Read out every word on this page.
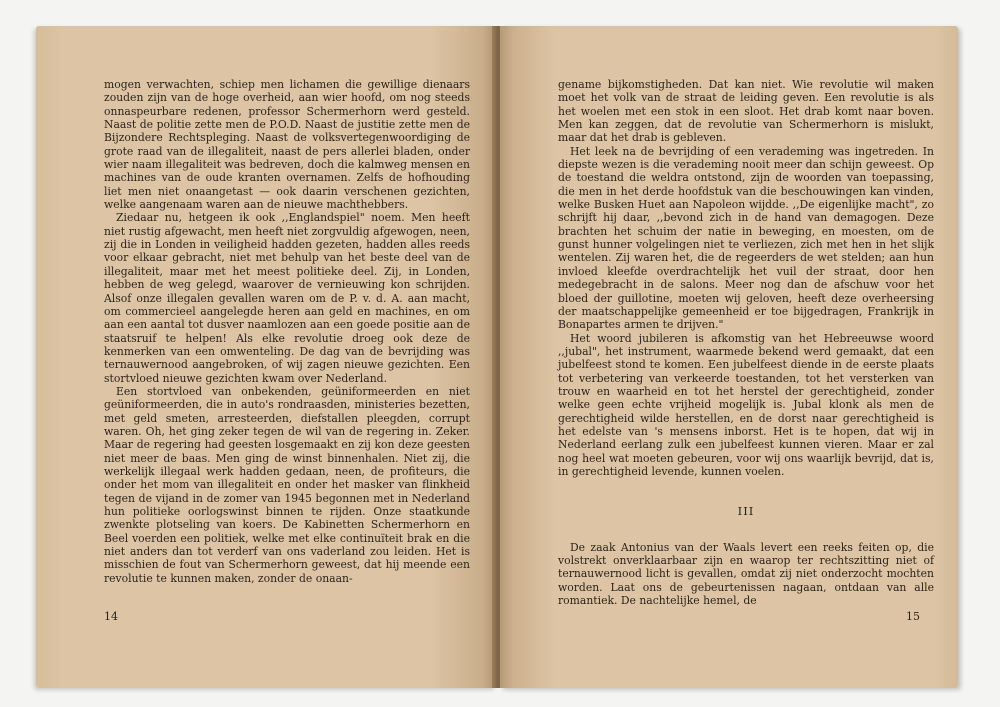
mogen verwachten, schiep men lichamen die gewillige dienaars zouden zijn van de hoge overheid, aan wier hoofd, om nog steeds onnaspeurbare redenen, professor Schermerhorn werd gesteld. Naast de politie zette men de P.O.D. Naast de justitie zette men de Bijzondere Rechtspleging. Naast de volksvertegenwoordiging de grote raad van de illegaliteit, naast de pers allerlei bladen, onder wier naam illegaliteit was bedreven, doch die kalmweg mensen en machines van de oude kranten overnamen. Zelfs de hofhouding liet men niet onaangetast — ook daarin verschenen gezichten, welke aangenaam waren aan de nieuwe machthebbers.

Ziedaar nu, hetgeen ik ook ,,Englandspiel" noem. Men heeft niet rustig afgewacht, men heeft niet zorgvuldig afgewogen, neen, zij die in Londen in veiligheid hadden gezeten, hadden alles reeds voor elkaar gebracht, niet met behulp van het beste deel van de illegaliteit, maar met het meest politieke deel. Zij, in Londen, hebben de weg gelegd, waarover de vernieuwing kon schrijden. Alsof onze illegalen gevallen waren om de P. v. d. A. aan macht, om commercieel aangelegde heren aan geld en machines, en om aan een aantal tot dusver naamlozen aan een goede positie aan de staatsruif te helpen! Als elke revolutie droeg ook deze de kenmerken van een omwenteling. De dag van de bevrijding was ternauwernood aangebroken, of wij zagen nieuwe gezichten. Een stortvloed nieuwe gezichten kwam over Nederland.

Een stortvloed van onbekenden, geüniformeerden en niet geüniformeerden, die in auto's rondraasden, ministeries bezetten, met geld smeten, arresteerden, diefstallen pleegden, corrupt waren. Oh, het ging zeker tegen de wil van de regering in. Zeker. Maar de regering had geesten losgemaakt en zij kon deze geesten niet meer de baas. Men ging de winst binnenhalen. Niet zij, die werkelijk illegaal werk hadden gedaan, neen, de profiteurs, die onder het mom van illegaliteit en onder het masker van flinkheid tegen de vijand in de zomer van 1945 begonnen met in Nederland hun politieke oorlogswinst binnen te rijden. Onze staatkunde zwenkte plotseling van koers. De Kabinetten Schermerhorn en Beel voerden een politiek, welke met elke continuïteit brak en die niet anders dan tot verderf van ons vaderland zou leiden. Het is misschien de fout van Schermerhorn geweest, dat hij meende een revolutie te kunnen maken, zonder de onaan-

14

gename bijkomstigheden. Dat kan niet. Wie revolutie wil maken moet het volk van de straat de leiding geven. Een revolutie is als het woelen met een stok in een sloot. Het drab komt naar boven. Men kan zeggen, dat de revolutie van Schermerhorn is mislukt, maar dat het drab is gebleven.

Het leek na de bevrijding of een verademing was ingetreden. In diepste wezen is die verademing nooit meer dan schijn geweest. Op de toestand die weldra ontstond, zijn de woorden van toepassing, die men in het derde hoofdstuk van die beschouwingen kan vinden, welke Busken Huet aan Napoleon wijdde. ,,De eigenlijke macht", zo schrijft hij daar, ,,bevond zich in de hand van demagogen. Deze brachten het schuim der natie in beweging, en moesten, om de gunst hunner volgelingen niet te verliezen, zich met hen in het slijk wentelen. Zij waren het, die de regeerders de wet stelden; aan hun invloed kleefde overdrachtelijk het vuil der straat, door hen medegebracht in de salons. Meer nog dan de afschuw voor het bloed der guillotine, moeten wij geloven, heeft deze overheersing der maatschappelijke gemeenheid er toe bijgedragen, Frankrijk in Bonapartes armen te drijven."

Het woord jubileren is afkomstig van het Hebreeuwse woord ,,jubal", het instrument, waarmede bekend werd gemaakt, dat een jubelfeest stond te komen. Een jubelfeest diende in de eerste plaats tot verbetering van verkeerde toestanden, tot het versterken van trouw en waarheid en tot het herstel der gerechtigheid, zonder welke geen echte vrijheid mogelijk is. Jubal klonk als men de gerechtigheid wilde herstellen, en de dorst naar gerechtigheid is het edelste van 's mensens inborst. Het is te hopen, dat wij in Nederland eerlang zulk een jubelfeest kunnen vieren. Maar er zal nog heel wat moeten gebeuren, voor wij ons waarlijk bevrijd, dat is, in gerechtigheid levende, kunnen voelen.

III

De zaak Antonius van der Waals levert een reeks feiten op, die volstrekt onverklaarbaar zijn en waarop ter rechtszitting niet of ternauwernood licht is gevallen, omdat zij niet onderzocht mochten worden. Laat ons de gebeurtenissen nagaan, ontdaan van alle romantiek. De nachtelijke hemel, de

15
